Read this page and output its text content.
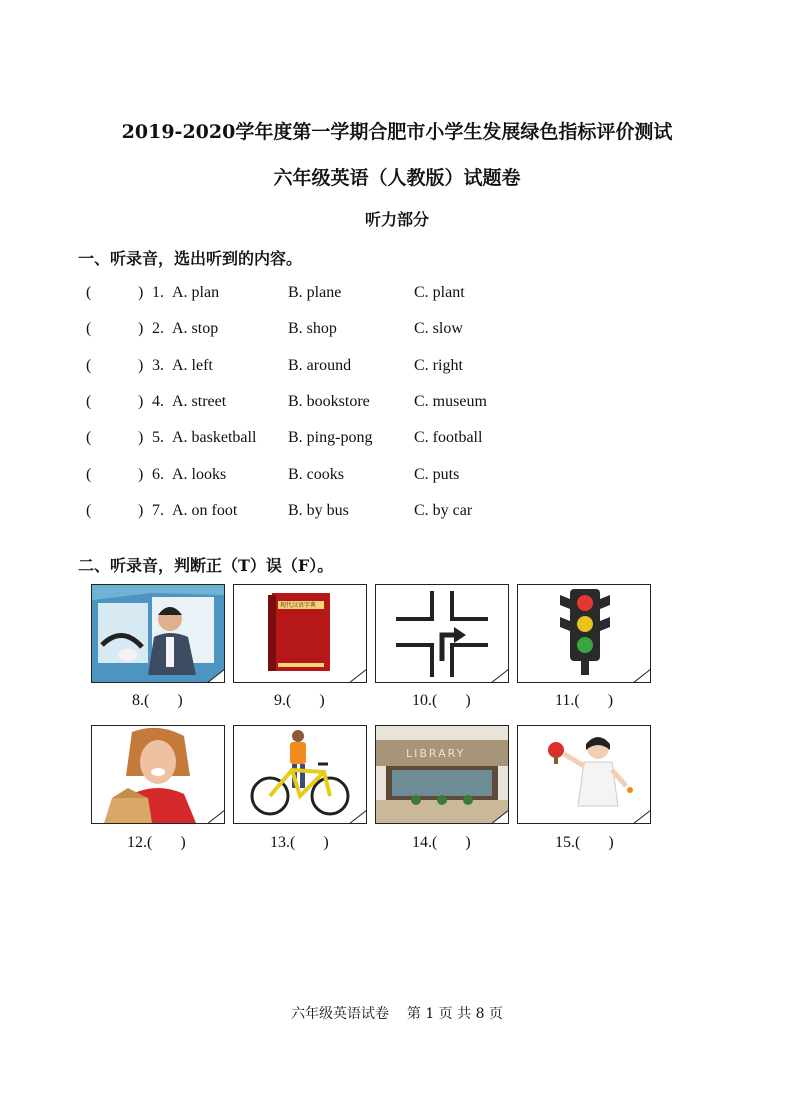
2019-2020学年度第一学期合肥市小学生发展绿色指标评价测试
六年级英语（人教版）试题卷
听力部分
一、听录音，选出听到的内容。
(	) 1. A. plan	B. plane	C. plant
(	) 2. A. stop	B. shop	C. slow
(	) 3. A. left	B. around	C. right
(	) 4. A. street	B. bookstore	C. museum
(	) 5. A. basketball B. ping-pong	C. football
(	) 6. A. looks	B. cooks	C. puts
(	) 7. A. on foot	B. by bus	C. by car
二、听录音，判断正（T）误（F）。
现代汉语字典
8.(       )	9.(       )	10.(       )	11.(       )
LIBRARY
12.(       )	13.(       )	14.(       )	15.(       )
六年级英语试卷    第 1 页 共 8 页
